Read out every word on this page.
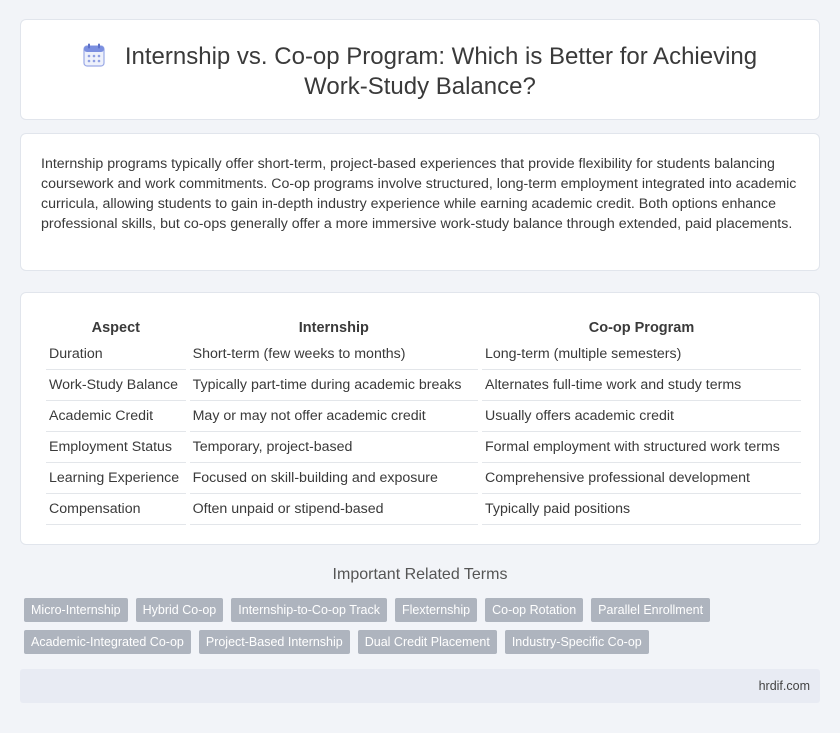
Internship vs. Co-op Program: Which is Better for Achieving Work-Study Balance?

Internship programs typically offer short-term, project-based experiences that provide flexibility for students balancing coursework and work commitments. Co-op programs involve structured, long-term employment integrated into academic curricula, allowing students to gain in-depth industry experience while earning academic credit. Both options enhance professional skills, but co-ops generally offer a more immersive work-study balance through extended, paid placements.

Aspect	Internship	Co-op Program
Duration	Short-term (few weeks to months)	Long-term (multiple semesters)
Work-Study Balance	Typically part-time during academic breaks	Alternates full-time work and study terms
Academic Credit	May or may not offer academic credit	Usually offers academic credit
Employment Status	Temporary, project-based	Formal employment with structured work terms
Learning Experience	Focused on skill-building and exposure	Comprehensive professional development
Compensation	Often unpaid or stipend-based	Typically paid positions
Important Related Terms
Micro-Internship	Hybrid Co-op	Internship-to-Co-op Track	Flexternship	Co-op Rotation	Parallel Enrollment
Academic-Integrated Co-op	Project-Based Internship	Dual Credit Placement	Industry-Specific Co-op
hrdif.com
